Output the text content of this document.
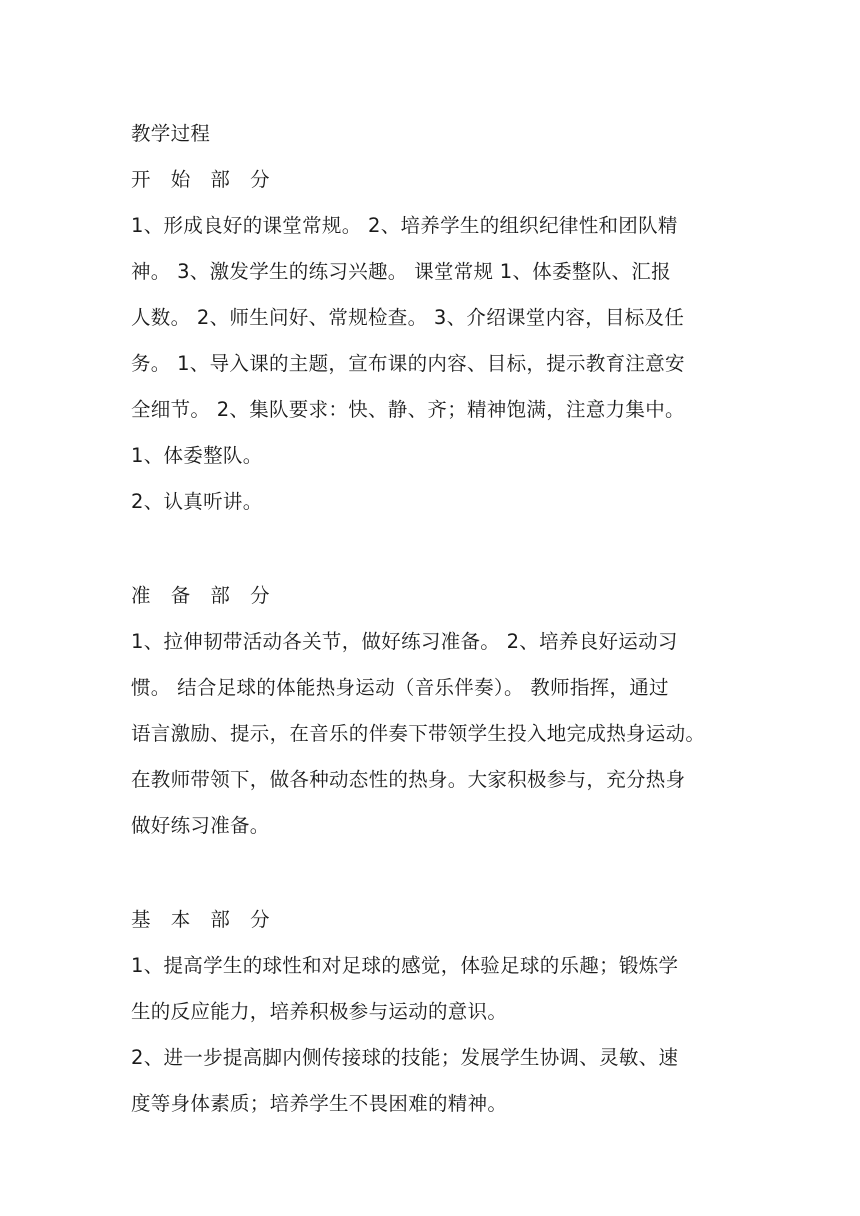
教学过程

开 始 部 分

1、形成良好的课堂常规。 2、培养学生的组织纪律性和团队精

神。 3、激发学生的练习兴趣。 课堂常规 1、体委整队、汇报

人数。 2、师生问好、常规检查。 3、介绍课堂内容，目标及任

务。 1、导入课的主题，宣布课的内容、目标，提示教育注意安

全细节。 2、集队要求：快、静、齐；精神饱满，注意力集中。

1、体委整队。

2、认真听讲。

准 备 部 分

1、拉伸韧带活动各关节，做好练习准备。 2、培养良好运动习

惯。 结合足球的体能热身运动（音乐伴奏）。 教师指挥，通过

语言激励、提示，在音乐的伴奏下带领学生投入地完成热身运动。

在教师带领下，做各种动态性的热身。大家积极参与，充分热身

做好练习准备。

基 本 部 分

1、提高学生的球性和对足球的感觉，体验足球的乐趣；锻炼学

生的反应能力，培养积极参与运动的意识。

2、进一步提高脚内侧传接球的技能；发展学生协调、灵敏、速

度等身体素质；培养学生不畏困难的精神。
